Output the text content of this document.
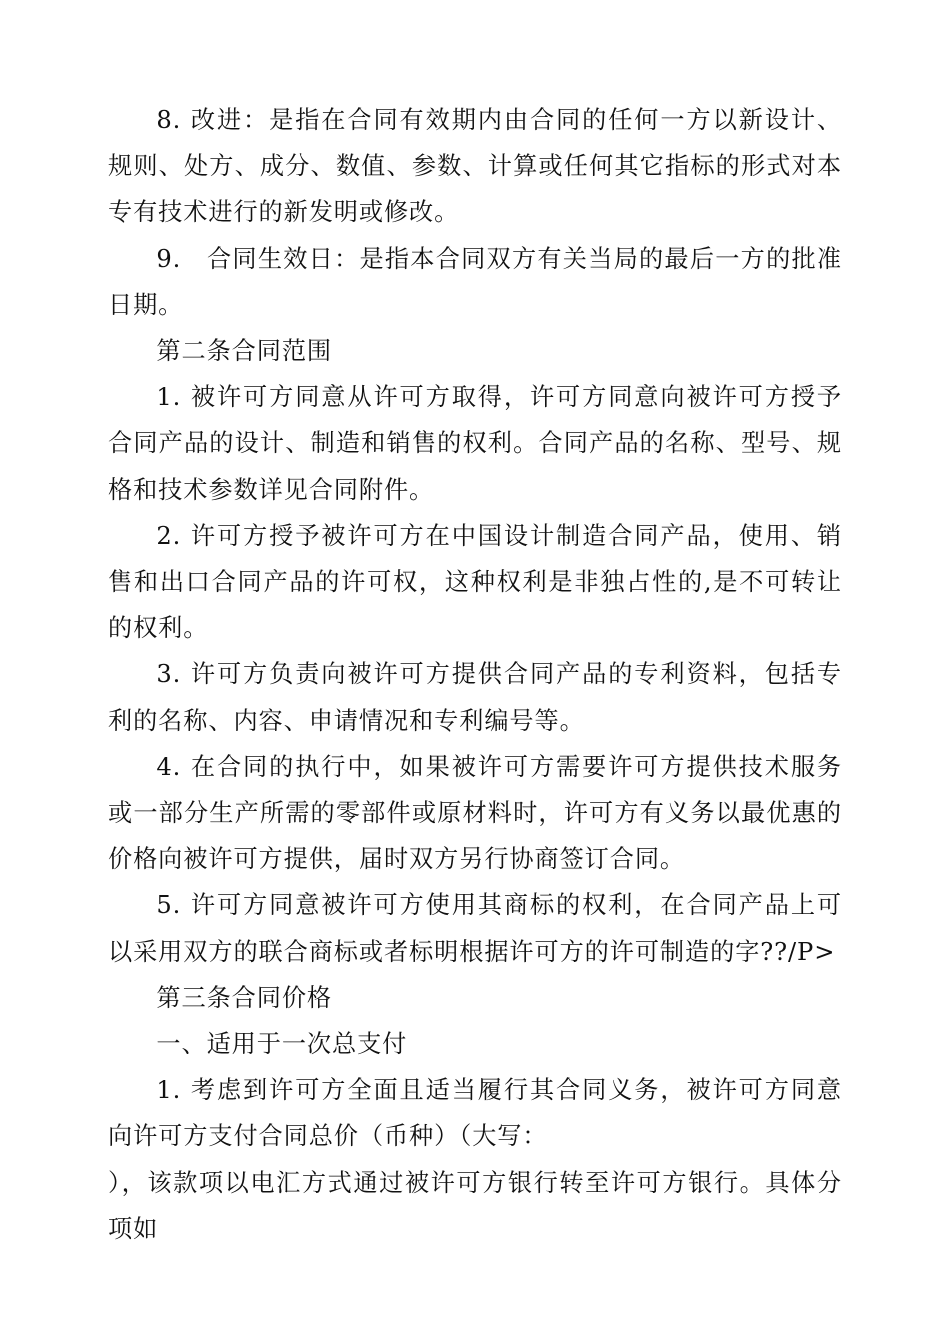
8. 改进：是指在合同有效期内由合同的任何一方以新设计、规则、处方、成分、数值、参数、计算或任何其它指标的形式对本专有技术进行的新发明或修改。

9.　合同生效日：是指本合同双方有关当局的最后一方的批准日期。

第二条合同范围

1. 被许可方同意从许可方取得，许可方同意向被许可方授予合同产品的设计、制造和销售的权利。合同产品的名称、型号、规格和技术参数详见合同附件。

2. 许可方授予被许可方在中国设计制造合同产品，使用、销售和出口合同产品的许可权，这种权利是非独占性的,是不可转让的权利。

3. 许可方负责向被许可方提供合同产品的专利资料，包括专利的名称、内容、申请情况和专利编号等。

4. 在合同的执行中，如果被许可方需要许可方提供技术服务或一部分生产所需的零部件或原材料时，许可方有义务以最优惠的价格向被许可方提供，届时双方另行协商签订合同。

5. 许可方同意被许可方使用其商标的权利，在合同产品上可以采用双方的联合商标或者标明根据许可方的许可制造的字??/P>

第三条合同价格

一、适用于一次总支付

1. 考虑到许可方全面且适当履行其合同义务，被许可方同意向许可方支付合同总价（币种）（大写：

），该款项以电汇方式通过被许可方银行转至许可方银行。具体分项如
